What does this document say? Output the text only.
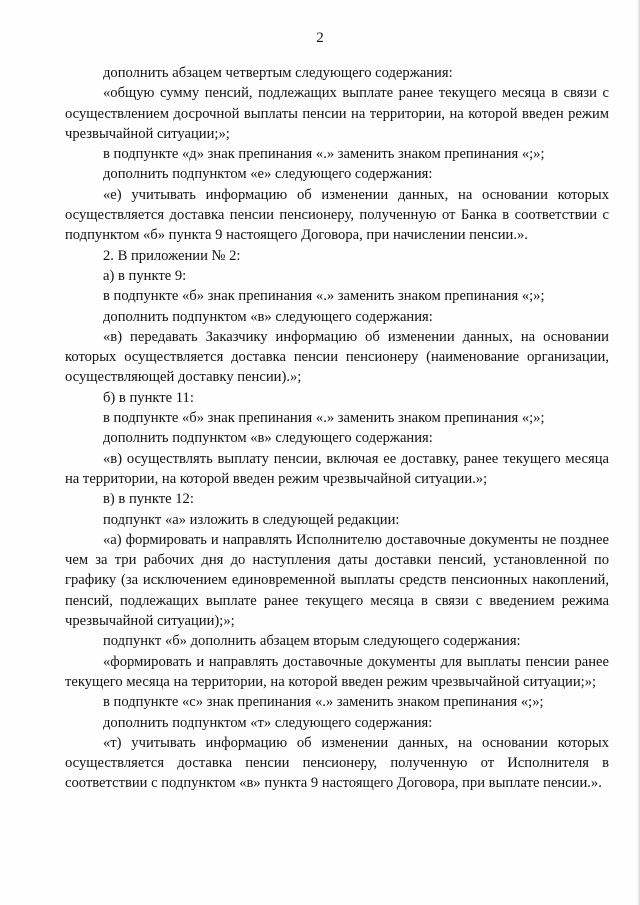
2

дополнить абзацем четвертым следующего содержания:

«общую сумму пенсий, подлежащих выплате ранее текущего месяца в связи с осуществлением досрочной выплаты пенсии на территории, на которой введен режим чрезвычайной ситуации;»;

в подпункте «д» знак препинания «.» заменить знаком препинания «;»;

дополнить подпунктом «е» следующего содержания:

«е) учитывать информацию об изменении данных, на основании которых осуществляется доставка пенсии пенсионеру, полученную от Банка в соответствии с подпунктом «б» пункта 9 настоящего Договора, при начислении пенсии.».

2. В приложении № 2:

а) в пункте 9:

в подпункте «б» знак препинания «.» заменить знаком препинания «;»;

дополнить подпунктом «в» следующего содержания:

«в) передавать Заказчику информацию об изменении данных, на основании которых осуществляется доставка пенсии пенсионеру (наименование организации, осуществляющей доставку пенсии).»;

б) в пункте 11:

в подпункте «б» знак препинания «.» заменить знаком препинания «;»;

дополнить подпунктом «в» следующего содержания:

«в) осуществлять выплату пенсии, включая ее доставку, ранее текущего месяца на территории, на которой введен режим чрезвычайной ситуации.»;

в) в пункте 12:

подпункт «а» изложить в следующей редакции:

«а) формировать и направлять Исполнителю доставочные документы не позднее чем за три рабочих дня до наступления даты доставки пенсий, установленной по графику (за исключением единовременной выплаты средств пенсионных накоплений, пенсий, подлежащих выплате ранее текущего месяца в связи с введением режима чрезвычайной ситуации);»;

подпункт «б» дополнить абзацем вторым следующего содержания:

«формировать и направлять доставочные документы для выплаты пенсии ранее текущего месяца на территории, на которой введен режим чрезвычайной ситуации;»;

в подпункте «с» знак препинания «.» заменить знаком препинания «;»;

дополнить подпунктом «т» следующего содержания:

«т) учитывать информацию об изменении данных, на основании которых осуществляется доставка пенсии пенсионеру, полученную от Исполнителя в соответствии с подпунктом «в» пункта 9 настоящего Договора, при выплате пенсии.».
